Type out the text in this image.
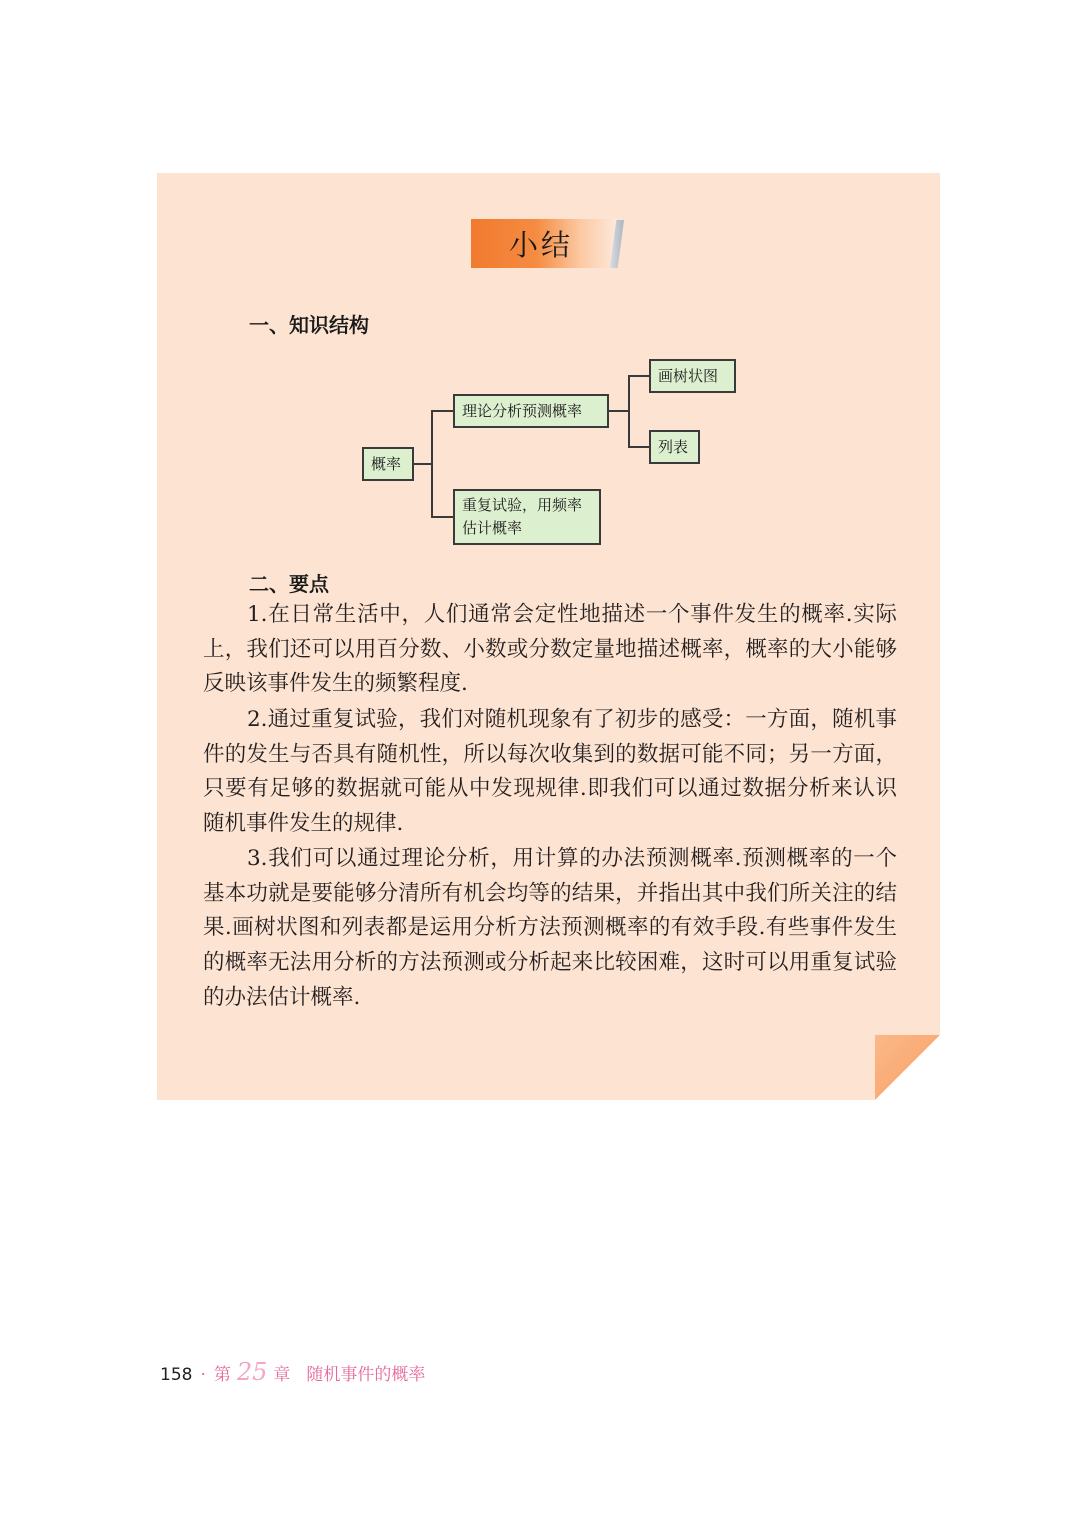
小结
一、知识结构
概率
理论分析预测概率
重复试验，用频率
估计概率
画树状图
列表
二、要点

1.在日常生活中，人们通常会定性地描述一个事件发生的概率.实际上，我们还可以用百分数、小数或分数定量地描述概率，概率的大小能够反映该事件发生的频繁程度.

2.通过重复试验，我们对随机现象有了初步的感受：一方面，随机事件的发生与否具有随机性，所以每次收集到的数据可能不同；另一方面，只要有足够的数据就可能从中发现规律.即我们可以通过数据分析来认识随机事件发生的规律.

3.我们可以通过理论分析，用计算的办法预测概率.预测概率的一个基本功就是要能够分清所有机会均等的结果，并指出其中我们所关注的结果.画树状图和列表都是运用分析方法预测概率的有效手段.有些事件发生的概率无法用分析的方法预测或分析起来比较困难，这时可以用重复试验的办法估计概率.

158 · 第 25 章 随机事件的概率
